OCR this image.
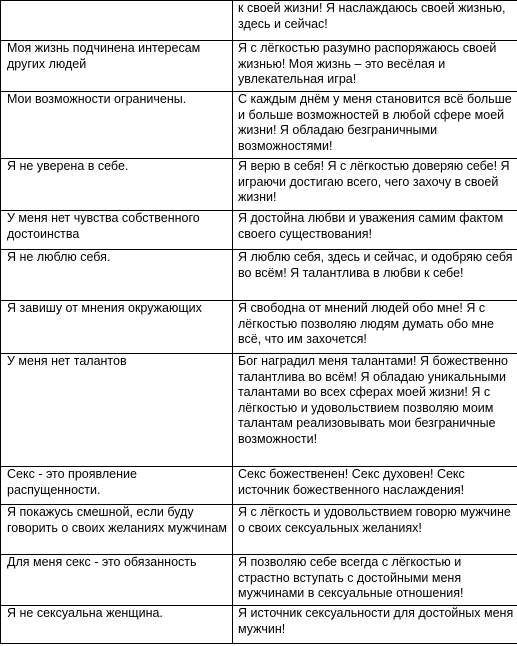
	к своей жизни! Я наслаждаюсь своей жизнью, здесь и сейчас!
Моя жизнь подчинена интересам других людей	Я с лёгкостью разумно распоряжаюсь своей жизнью! Моя жизнь – это весёлая и увлекательная игра!
Мои возможности ограничены.	С каждым днём у меня становится всё больше и больше возможностей в любой сфере моей жизни! Я обладаю безграничными возможностями!
Я не уверена в себе.	Я верю в себя! Я с лёгкостью доверяю себе! Я играючи достигаю всего, чего захочу в своей жизни!
У меня нет чувства собственного достоинства	Я достойна любви и уважения самим фактом своего существования!
Я не люблю себя.	Я люблю себя, здесь и сейчас, и одобряю себя во всём! Я талантлива в любви к себе!
Я завишу от мнения окружающих	Я свободна от мнений людей обо мне! Я с лёгкостью позволяю людям думать обо мне всё, что им захочется!
У меня нет талантов	Бог наградил меня талантами! Я божественно талантлива во всём! Я обладаю уникальными талантами во всех сферах моей жизни! Я с лёгкостью и удовольствием позволяю моим талантам реализовывать мои безграничные возможности!
Секс - это проявление распущенности.	Секс божественен! Секс духовен! Секс источник божественного наслаждения!
Я покажусь смешной, если буду говорить о своих желаниях мужчинам	Я с лёгкость и удовольствием говорю мужчине о своих сексуальных желаниях!
Для меня секс - это обязанность	Я позволяю себе всегда с лёгкостью и страстно вступать с достойными меня мужчинами в сексуальные отношения!
Я не сексуальна женщина.	Я источник сексуальности для достойных меня мужчин!
